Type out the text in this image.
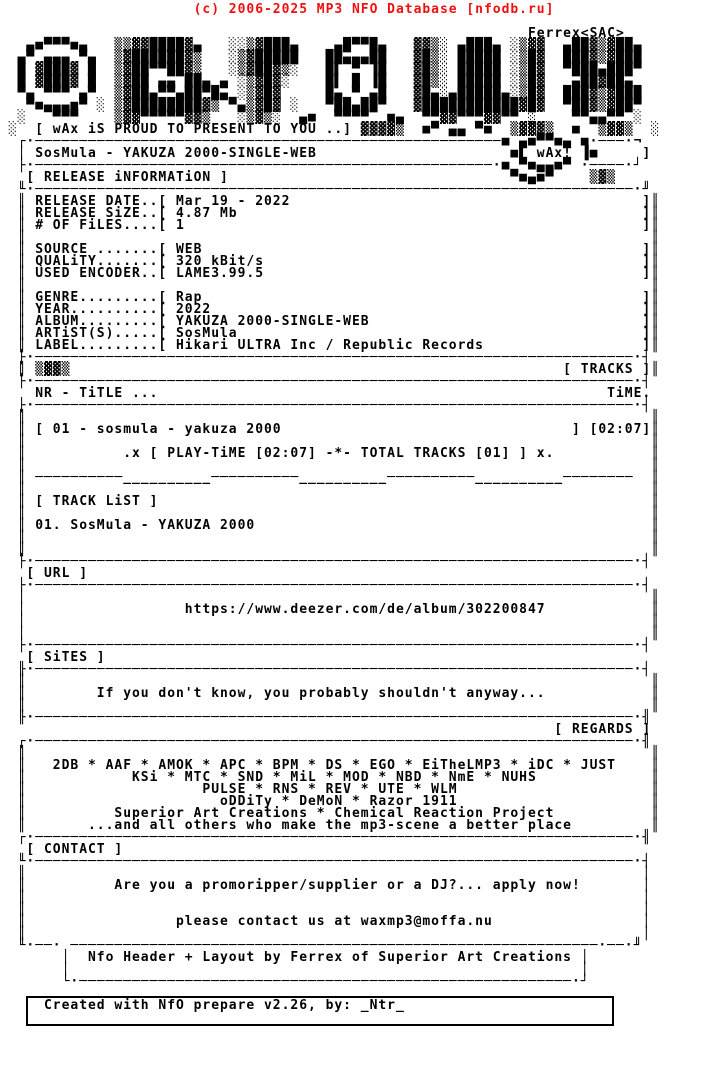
(c) 2006-2025 MP3 NFO Database [nfodb.ru]
Ferrex<SAC>
▄■▀▀▀■▄   ▒▒▓▓████▓▄   ░░▒▓███▄    ▄█▀▀█▄   ▓▓▒░ ▄███▄ ░▒▓▓  ▄██▓▒▓██▄
▄▀ ▄▄▄ ▀▄  ▒▓██████▓▒   ░▒▓█████   ██▄▄▄██   ▓█▒░ █████ ░▒█▓  ███▓▒▓███
█ ▓███▓ █  ▒▓██▀▀██▓▒   ░▒▓██▓▒░   █▌ ▀ ▐█   ▓█▒░ █████ ░▒█▓  ▀███▄███▀
█ ▓███▓ █  ▒▓██ ▄▄ ██▄ ▄ ░▒▓█▓░    █▌ █ ▐█   ▓█▒░ █████ ░▒█▓   ▄██▓██▄
▀▄ ▀▀▀ ▄▀  ▒▓██▄▀▀▄██▀█▄ ░▒▓█▓     █▄ ▀ ▄█   ▓█▄░▄█████▄░▒█▓  ███▓▒▓███
▀■▄▄▄■▀ ░ ▒▓████████▓▒ ▀▄▒▓█▓ ░   ▀██▄██▀   ▓███████████▓█▓  ▀██▓▒▓██▀
░   ▀▀▀    ▒▓▓▀▀▀▀▀▓▓▒   ░▒▓▒░  ▄■  ▀▀▀▀  ■▄  ▀▀▓▓▀▀▀▓▓▀▀ ░    ▀▀▄▄▀▀ ░
░  [ wAx iS PROUD TO PRESENT TO YOU ..] ▓▓▓▓▒  ■▀ ▄▄ ▀■  ▒▓▓▓▒  ■  ▒▓▓▒  ░
┌·─────────────────────────────────────────────────────■ ▄■▀▀■▄ ■·───·¬
│ SosMula - YAKUZA 2000-SINGLE-WEB                      ■▌ wAx! ▐■     ]
├·────────────────────────────────────────────────────·■ ▀■▄▄■▀ ·────·┘
[ RELEASE iNFORMATiON ]                                ▀■▄■▀    ▒▓▒
╙·────────────────────────────────────────────────────────────────────·╜
║ RELEASE DATE..[ Mar 19 - 2022                                        ]║
║ RELEASE SiZE..[ 4.87 Mb                                              ]║
║ # OF FiLES....[ 1                                                    ]║
║                                                                       ║
║ SOURCE .......[ WEB                                                  ]║
║ QUALiTY.......[ 320 kBit/s                                           ]║
║ USED ENCODER..[ LAME3.99.5                                           ]║
║                                                                       ║
║ GENRE.........[ Rap                                                  ]║
║ YEAR..........[ 2022                                                 ]║
║ ALBUM.........[ YAKUZA 2000-SINGLE-WEB                               ]║
║ ARTiST(S).....[ SosMula                                              ]║
║ LABEL.........[ Hikari ULTRA Inc / Republic Records                  ]║
├·────────────────────────────────────────────────────────────────────·┤
║ ▒▓▓▒                                                        [ TRACKS ]║
├·────────────────────────────────────────────────────────────────────·┤
NR - TiTLE ...                                                   TiME.
├·────────────────────────────────────────────────────────────────────·┤
║                                                                       ║
║ [ 01 - sosmula - yakuza 2000                                 ] [02:07]║
║                                                                       ║
║           .x [ PLAY-TiME [02:07] -*- TOTAL TRACKS [01] ] x.           ║
║                                                                       ║
║ ──────────__________──────────__________──────────__________────────  ║
║                                                                       ║
║ [ TRACK LiST ]                                                        ║
║                                                                       ║
║ 01. SosMula - YAKUZA 2000                                             ║
║                                                                       ║
║                                                                       ║
├·────────────────────────────────────────────────────────────────────·┤
[ URL ]
├·────────────────────────────────────────────────────────────────────·┤
│                                                                       ║
│                  https://www.deezer.com/de/album/302200847            ║
│                                                                       ║
│                                                                       ║
├·────────────────────────────────────────────────────────────────────·┤
[ SiTES ]
╟·────────────────────────────────────────────────────────────────────·┤
║                                                                       ║
║        If you don't know, you probably shouldn't anyway...            ║
║                                                                       ║
╟·────────────────────────────────────────────────────────────────────·╢
[ REGARDS ]
┌·────────────────────────────────────────────────────────────────────·╢
║                                                                       ║
║   2DB * AAF * AMOK * APC * BPM * DS * EGO * EiTheLMP3 * iDC * JUST    ║
║            KSi * MTC * SND * MiL * MOD * NBD * NmE * NUHS             ║
║                    PULSE * RNS * REV * UTE * WLM                      ║
║                      oDDiTy * DeMoN * Razor 1911                      ║
║          Superior Art Creations * Chemical Reaction Project           ║
║       ...and all others who make the mp3-scene a better place         ║
┌·────────────────────────────────────────────────────────────────────·╢
[ CONTACT ]
╙·────────────────────────────────────────────────────────────────────·┤
║                                                                      │
║          Are you a promoripper/supplier or a DJ?... apply now!       │
║                                                                      │
║                                                                      │
║                 please contact us at waxmp3@moffa.nu                 │
║                                                                      │
╙·──· ────────────────────────────────────────────────────────────·──·╜
│  Nfo Header + Layout by Ferrex of Superior Art Creations │
│                                                          │
└·────────────────────────────────────────────────────────·┘
Created with NfO prepare v2.26, by: _Ntr_
